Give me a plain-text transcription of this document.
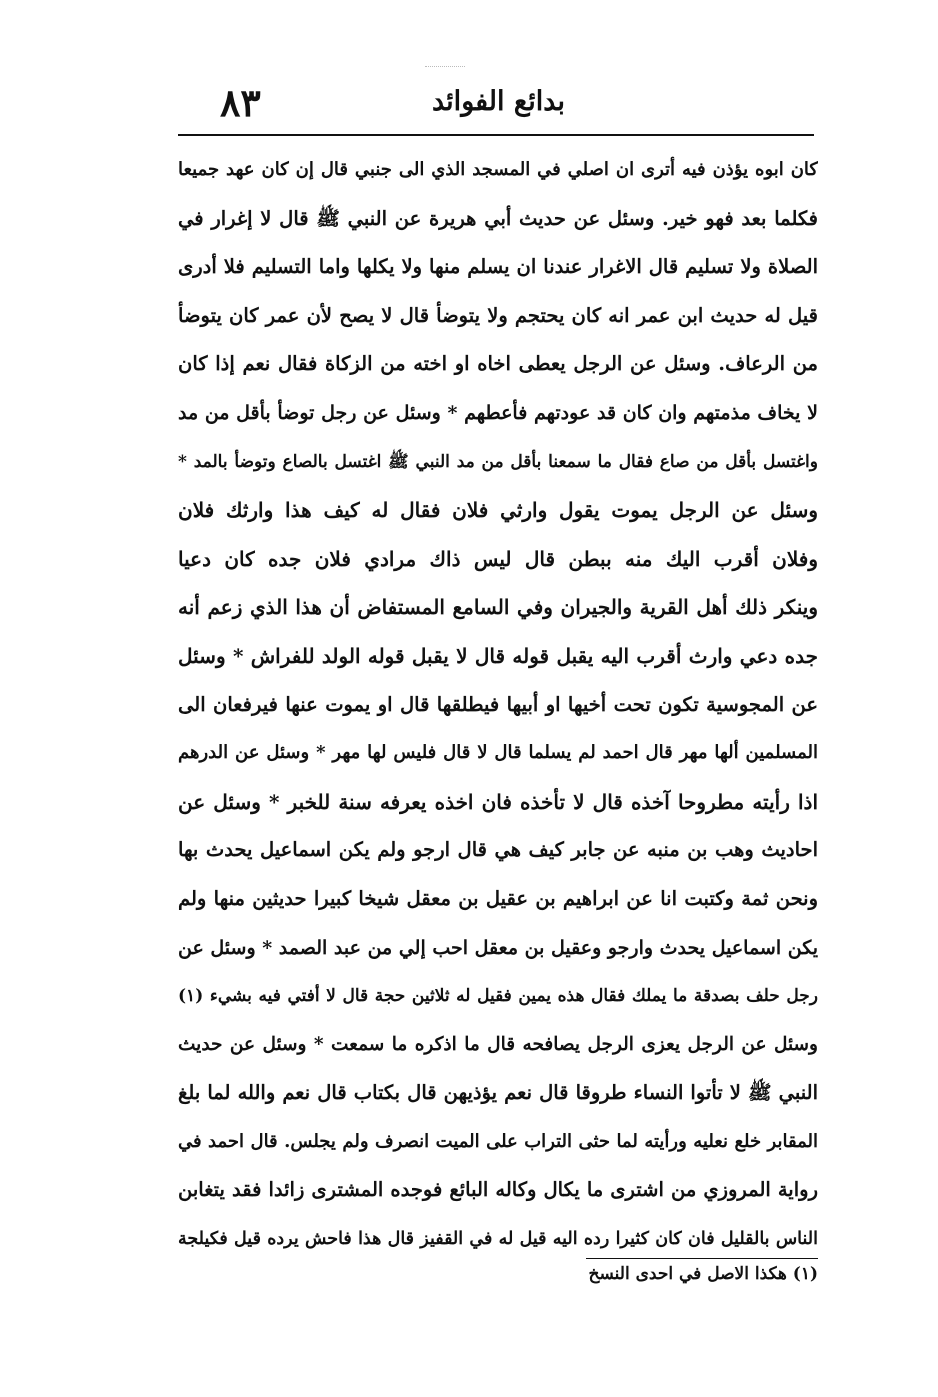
بدائع الفوائد
٨٣
كان ابوه يؤذن فيه أترى ان اصلي في المسجد الذي الى جنبي قال إن كان عهد جميعا
فكلما بعد فهو خير. وسئل عن حديث أبي هريرة عن النبي ﷺ قال لا إغرار في
الصلاة ولا تسليم قال الاغرار عندنا ان يسلم منها ولا يكلها واما التسليم فلا أدرى
قيل له حديث ابن عمر انه كان يحتجم ولا يتوضأ قال لا يصح لأن عمر كان يتوضأ
من الرعاف. وسئل عن الرجل يعطى اخاه او اخته من الزكاة فقال نعم إذا كان
لا يخاف مذمتهم وان كان قد عودتهم فأعطهم * وسئل عن رجل توضأ بأقل من مد
واغتسل بأقل من صاع فقال ما سمعنا بأقل من مد النبي ﷺ اغتسل بالصاع وتوضأ بالمد *
وسئل عن الرجل يموت يقول وارثي فلان فقال له كيف هذا وارثك فلان
وفلان أقرب اليك منه ببطن قال ليس ذاك مرادي فلان جده كان دعيا
وينكر ذلك أهل القرية والجيران وفي السامع المستفاض أن هذا الذي زعم أنه
جده دعي وارث أقرب اليه يقبل قوله قال لا يقبل قوله الولد للفراش * وسئل
عن المجوسية تكون تحت أخيها او أبيها فيطلقها قال او يموت عنها فيرفعان الى
المسلمين ألها مهر قال احمد لم يسلما قال لا قال فليس لها مهر * وسئل عن الدرهم
اذا رأيته مطروحا آخذه قال لا تأخذه فان اخذه يعرفه سنة للخبر * وسئل عن
احاديث وهب بن منبه عن جابر كيف هي قال ارجو ولم يكن اسماعيل يحدث بها
ونحن ثمة وكتبت انا عن ابراهيم بن عقيل بن معقل شيخا كبيرا حديثين منها ولم
يكن اسماعيل يحدث وارجو وعقيل بن معقل احب إلي من عبد الصمد * وسئل عن
رجل حلف بصدقة ما يملك فقال هذه يمين فقيل له ثلاثين حجة قال لا أفتي فيه بشيء (١)
وسئل عن الرجل يعزى الرجل يصافحه قال ما اذكره ما سمعت * وسئل عن حديث
النبي ﷺ لا تأتوا النساء طروقا قال نعم يؤذيهن قال بكتاب قال نعم والله لما بلغ
المقابر خلع نعليه ورأيته لما حثى التراب على الميت انصرف ولم يجلس. قال احمد في
رواية المروزي من اشترى ما يكال وكاله البائع فوجده المشترى زائدا فقد يتغابن
الناس بالقليل فان كان كثيرا رده اليه قيل له في القفيز قال هذا فاحش يرده قيل فكيلجة
(١) هكذا الاصل في احدى النسخ
